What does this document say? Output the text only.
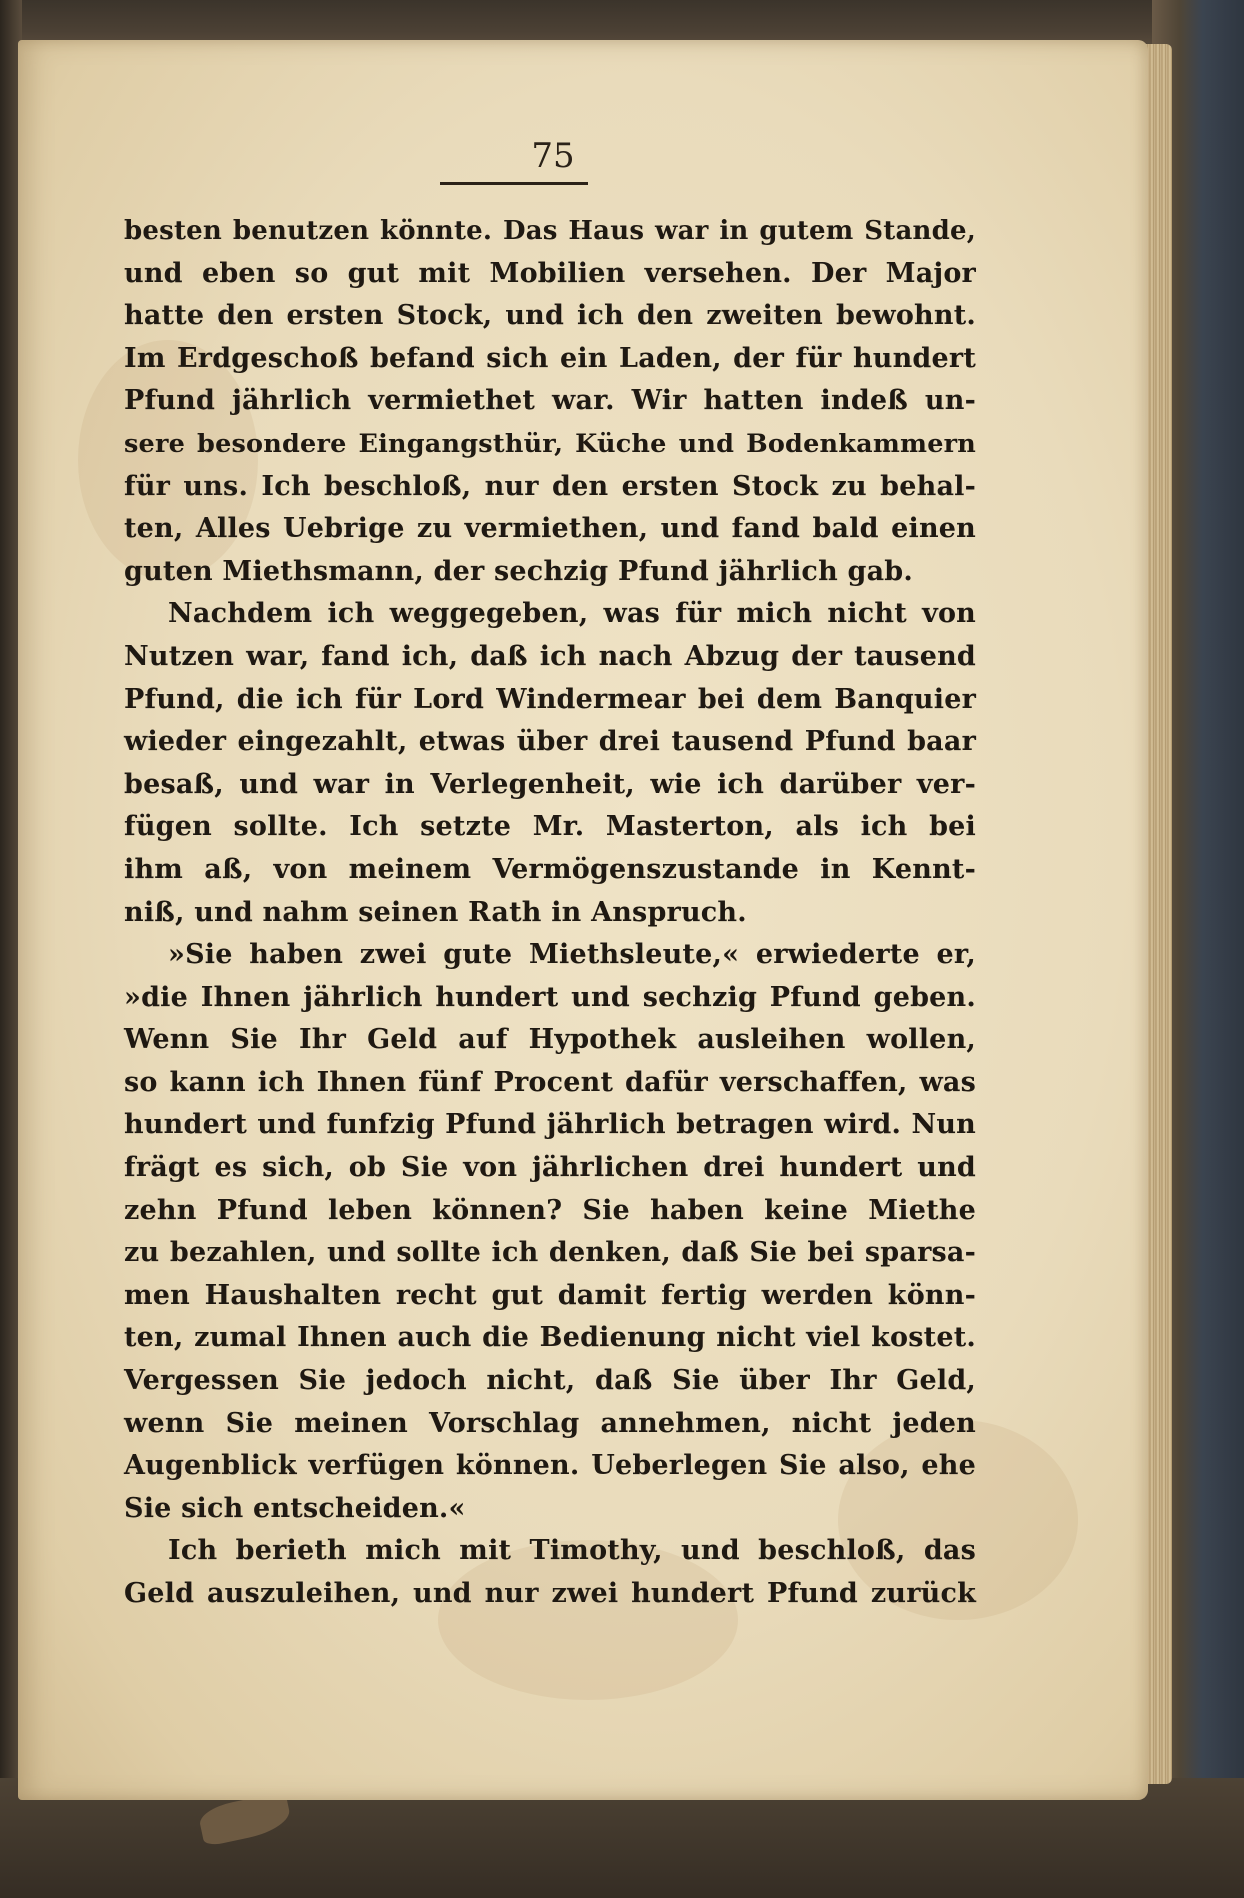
75
besten benutzen könnte. Das Haus war in gutem Stande,
und eben so gut mit Mobilien versehen. Der Major
hatte den ersten Stock, und ich den zweiten bewohnt.
Im Erdgeschoß befand sich ein Laden, der für hundert
Pfund jährlich vermiethet war. Wir hatten indeß un-
sere besondere Eingangsthür, Küche und Bodenkammern
für uns. Ich beschloß, nur den ersten Stock zu behal-
ten, Alles Uebrige zu vermiethen, und fand bald einen
guten Miethsmann, der sechzig Pfund jährlich gab.
Nachdem ich weggegeben, was für mich nicht von
Nutzen war, fand ich, daß ich nach Abzug der tausend
Pfund, die ich für Lord Windermear bei dem Banquier
wieder eingezahlt, etwas über drei tausend Pfund baar
besaß, und war in Verlegenheit, wie ich darüber ver-
fügen sollte. Ich setzte Mr. Masterton, als ich bei
ihm aß, von meinem Vermögenszustande in Kennt-
niß, und nahm seinen Rath in Anspruch.
»Sie haben zwei gute Miethsleute,« erwiederte er,
»die Ihnen jährlich hundert und sechzig Pfund geben.
Wenn Sie Ihr Geld auf Hypothek ausleihen wollen,
so kann ich Ihnen fünf Procent dafür verschaffen, was
hundert und funfzig Pfund jährlich betragen wird. Nun
frägt es sich, ob Sie von jährlichen drei hundert und
zehn Pfund leben können? Sie haben keine Miethe
zu bezahlen, und sollte ich denken, daß Sie bei sparsa-
men Haushalten recht gut damit fertig werden könn-
ten, zumal Ihnen auch die Bedienung nicht viel kostet.
Vergessen Sie jedoch nicht, daß Sie über Ihr Geld,
wenn Sie meinen Vorschlag annehmen, nicht jeden
Augenblick verfügen können. Ueberlegen Sie also, ehe
Sie sich entscheiden.«
Ich berieth mich mit Timothy, und beschloß, das
Geld auszuleihen, und nur zwei hundert Pfund zurück
